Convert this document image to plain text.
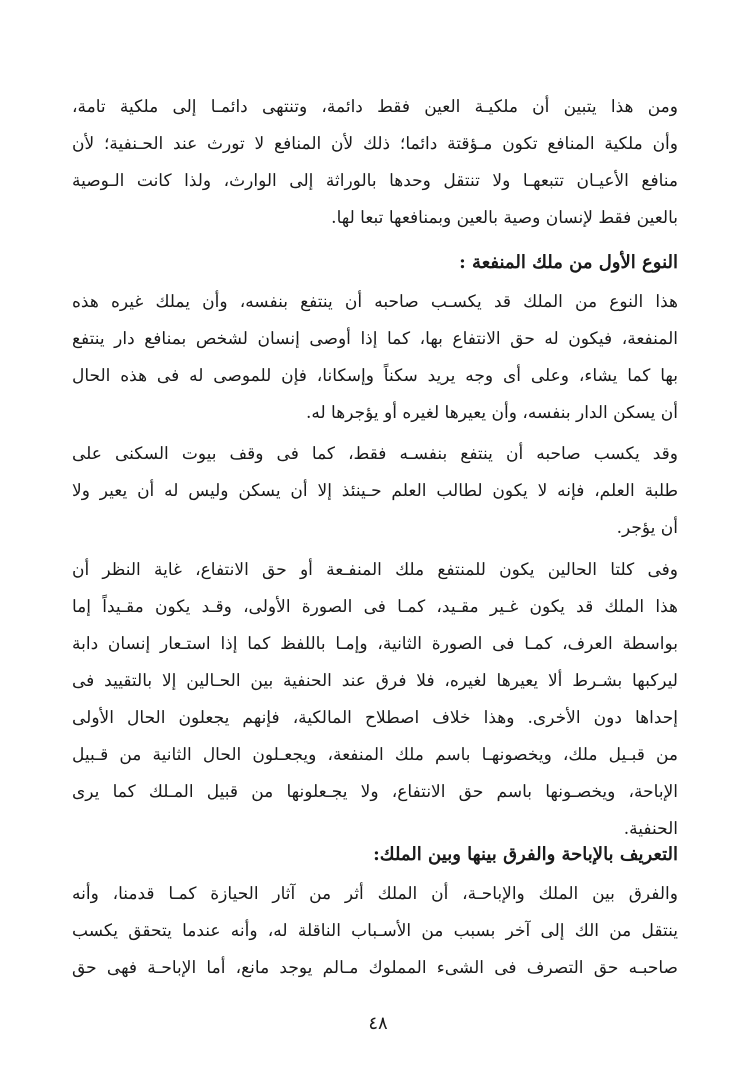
ومن هذا يتبين أن ملكيـة العين فقط دائمة، وتنتهى دائمـا إلى ملكية تامة،
وأن ملكية المنافع تكون مـؤقتة دائما؛ ذلك لأن المنافع لا تورث عند الحـنفية؛ لأن
منافع الأعيـان تتبعهـا ولا تنتقل وحدها بالوراثة إلى الوارث، ولذا كانت الـوصية
بالعين فقط لإنسان وصية بالعين وبمنافعها تبعا لها.
النوع الأول من ملك المنفعة :
هذا النوع من الملك قد يكسـب صاحبه أن ينتفع بنفسه، وأن يملك غيره هذه
المنفعة، فيكون له حق الانتفاع بها، كما إذا أوصى إنسان لشخص بمنافع دار ينتفع
بها كما يشاء، وعلى أى وجه يريد سكناً وإسكانا، فإن للموصى له فى هذه الحال
أن يسكن الدار بنفسه، وأن يعيرها لغيره أو يؤجرها له.
وقد يكسب صاحبه أن ينتفع بنفسـه فقط، كما فى وقف بيوت السكنى على
طلبة العلم، فإنه لا يكون لطالب العلم حـينئذ إلا أن يسكن وليس له أن يعير ولا
أن يؤجر.
وفى كلتا الحالين يكون للمنتفع ملك المنفـعة أو حق الانتفاع، غاية النظر أن
هذا الملك قد يكون غـير مقـيد، كمـا فى الصورة الأولى، وقـد يكون مقـيداً إما
بواسطة العرف، كمـا فى الصورة الثانية، وإمـا باللفظ كما إذا استـعار إنسان دابة
ليركبها بشـرط ألا يعيرها لغيره، فلا فرق عند الحنفية بين الحـالين إلا بالتقييد فى
إحداها دون الأخرى. وهذا خلاف اصطلاح المالكية، فإنهم يجعلون الحال الأولى
من قبـيل ملك، ويخصونهـا باسم ملك المنفعة، ويجعـلون الحال الثانية من قـبيل
الإباحة، ويخصـونها باسم حق الانتفاع، ولا يجـعلونها من قبيل المـلك كما يرى
الحنفية.
التعريف بالإباحة والفرق بينها وبين الملك:
والفرق بين الملك والإباحـة، أن الملك أثر من آثار الحيازة كمـا قدمنا، وأنه
ينتقل من الك إلى آخر بسبب من الأسـباب الناقلة له، وأنه عندما يتحقق يكسب
صاحبـه حق التصرف فى الشىء المملوك مـالم يوجد مانع، أما الإباحـة فهى حق
٤٨
